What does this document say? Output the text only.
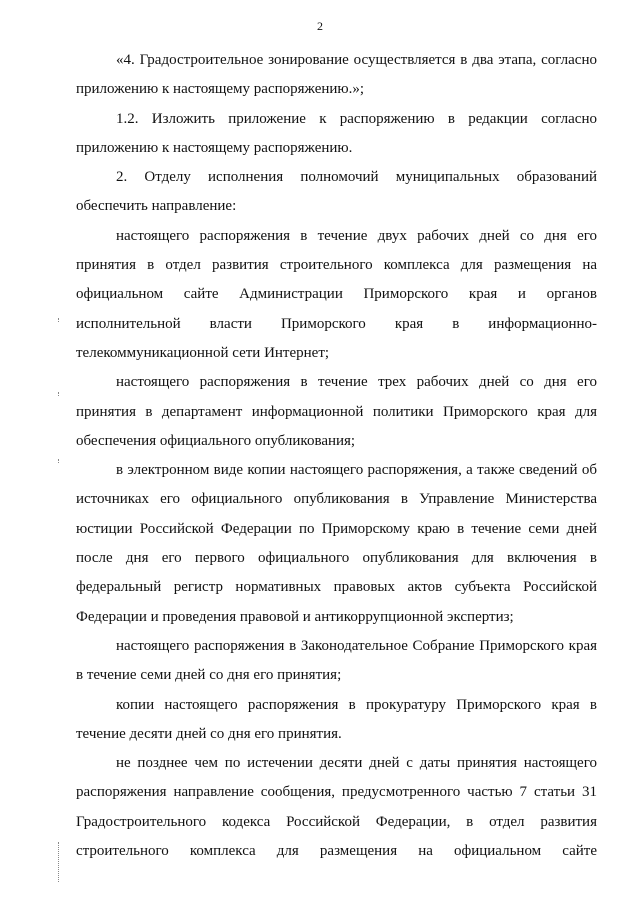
2

«4. Градостроительное зонирование осуществляется в два этапа, согласно приложению к настоящему распоряжению.»;

1.2. Изложить приложение к распоряжению в редакции согласно приложению к настоящему распоряжению.

2. Отделу исполнения полномочий муниципальных образований обеспечить направление:

настоящего распоряжения в течение двух рабочих дней со дня его принятия в отдел развития строительного комплекса для размещения на официальном сайте Администрации Приморского края и органов исполнительной власти Приморского края в информационно-телекоммуникационной сети Интернет;

настоящего распоряжения в течение трех рабочих дней со дня его принятия в департамент информационной политики Приморского края для обеспечения официального опубликования;

в электронном виде копии настоящего распоряжения, а также сведений об источниках его официального опубликования в Управление Министерства юстиции Российской Федерации по Приморскому краю в течение семи дней после дня его первого официального опубликования для включения в федеральный регистр нормативных правовых актов субъекта Российской Федерации и проведения правовой и антикоррупционной экспертиз;

настоящего распоряжения в Законодательное Собрание Приморского края в течение семи дней со дня его принятия;

копии настоящего распоряжения в прокуратуру Приморского края в течение десяти дней со дня его принятия.

не позднее чем по истечении десяти дней с даты принятия настоящего распоряжения направление сообщения, предусмотренного частью 7 статьи 31 Градостроительного кодекса Российской Федерации, в отдел развития строительного комплекса для размещения на официальном сайте
